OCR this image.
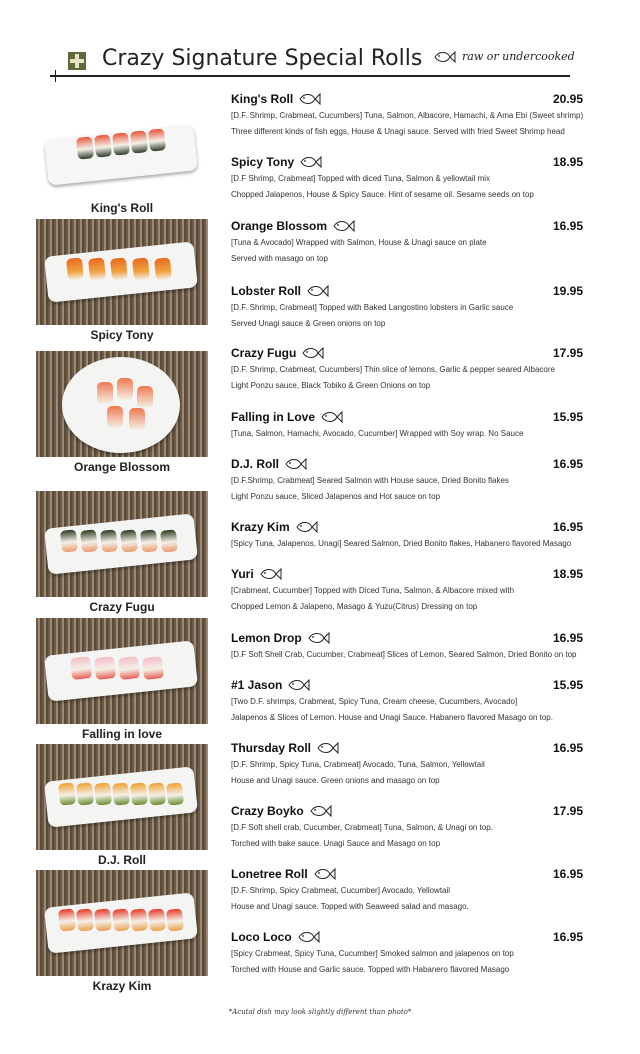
Crazy Signature Special Rolls	raw or undercooked
King's Roll
Spicy Tony
Orange Blossom
Crazy Fugu
Falling in love
D.J. Roll
Krazy Kim
King's Roll	20.95
[D.F. Shrimp, Crabmeat, Cucumbers] Tuna, Salmon, Albacore, Hamachi, & Ama Ebi (Sweet shrimp)
Three different kinds of fish eggs, House & Unagi sauce. Served with fried Sweet Shrimp head
Spicy Tony	18.95
[D.F Shrimp, Crabmeat] Topped with diced Tuna, Salmon & yellowtail mix
Chopped Jalapenos, House & Spicy Sauce. Hint of sesame oil. Sesame seeds on top
Orange Blossom	16.95
[Tuna & Avocado] Wrapped with Salmon, House & Unagi sauce on plate
Served with masago on top
Lobster Roll	19.95
[D.F. Shrimp, Crabmeat] Topped with Baked Langostino lobsters in Garlic sauce
Served Unagi sauce & Green onions on top
Crazy Fugu	17.95
[D.F. Shrimp, Crabmeat, Cucumbers] Thin slice of lemons, Garlic & pepper seared Albacore
Light Ponzu sauce, Black Tobiko & Green Onions on top
Falling in Love	15.95
[Tuna, Salmon, Hamachi, Avocado, Cucumber] Wrapped with Soy wrap. No Sauce
D.J. Roll	16.95
[D.F.Shrimp, Crabmeat] Seared Salmon with House sauce, Dried Bonito flakes
Light Ponzu sauce, Sliced Jalapenos and Hot sauce on top
Krazy Kim	16.95
[Spicy Tuna, Jalapenos, Unagi] Seared Salmon, Dried Bonito flakes, Habanero flavored Masago
Yuri	18.95
[Crabmeat, Cucumber] Topped with Diced Tuna, Salmon, & Albacore mixed with
Chopped Lemon & Jalapeno, Masago & Yuzu(Citrus) Dressing on top
Lemon Drop	16.95
[D.F Soft Shell Crab, Cucumber, Crabmeat] Slices of Lemon, Seared Salmon, Dried Bonito on top
#1 Jason	15.95
[Two D.F. shrimps, Crabmeat, Spicy Tuna, Cream cheese, Cucumbers, Avocado]
Jalapenos & Slices of Lemon. House and Unagi Sauce. Habanero flavored Masago on top.
Thursday Roll	16.95
[D.F. Shrimp, Spicy Tuna, Crabmeat] Avocado, Tuna, Salmon, Yellowtail
House and Unagi sauce. Green onions and masago on top
Crazy Boyko	17.95
[D.F Soft shell crab, Cucumber, Crabmeat] Tuna, Salmon, & Unagi on top.
Torched with bake sauce. Unagi Sauce and Masago on top
Lonetree Roll	16.95
[D.F. Shrimp, Spicy Crabmeat, Cucumber] Avocado, Yellowtail
House and Unagi sauce. Topped with Seaweed salad and masago.
Loco Loco	16.95
[Spicy Crabmeat, Spicy Tuna, Cucumber] Smoked salmon and jalapenos on top
Torched with House and Garlic sauce. Topped with Habanero flavored Masago
*Acutal dish may look slightly different than photo*
